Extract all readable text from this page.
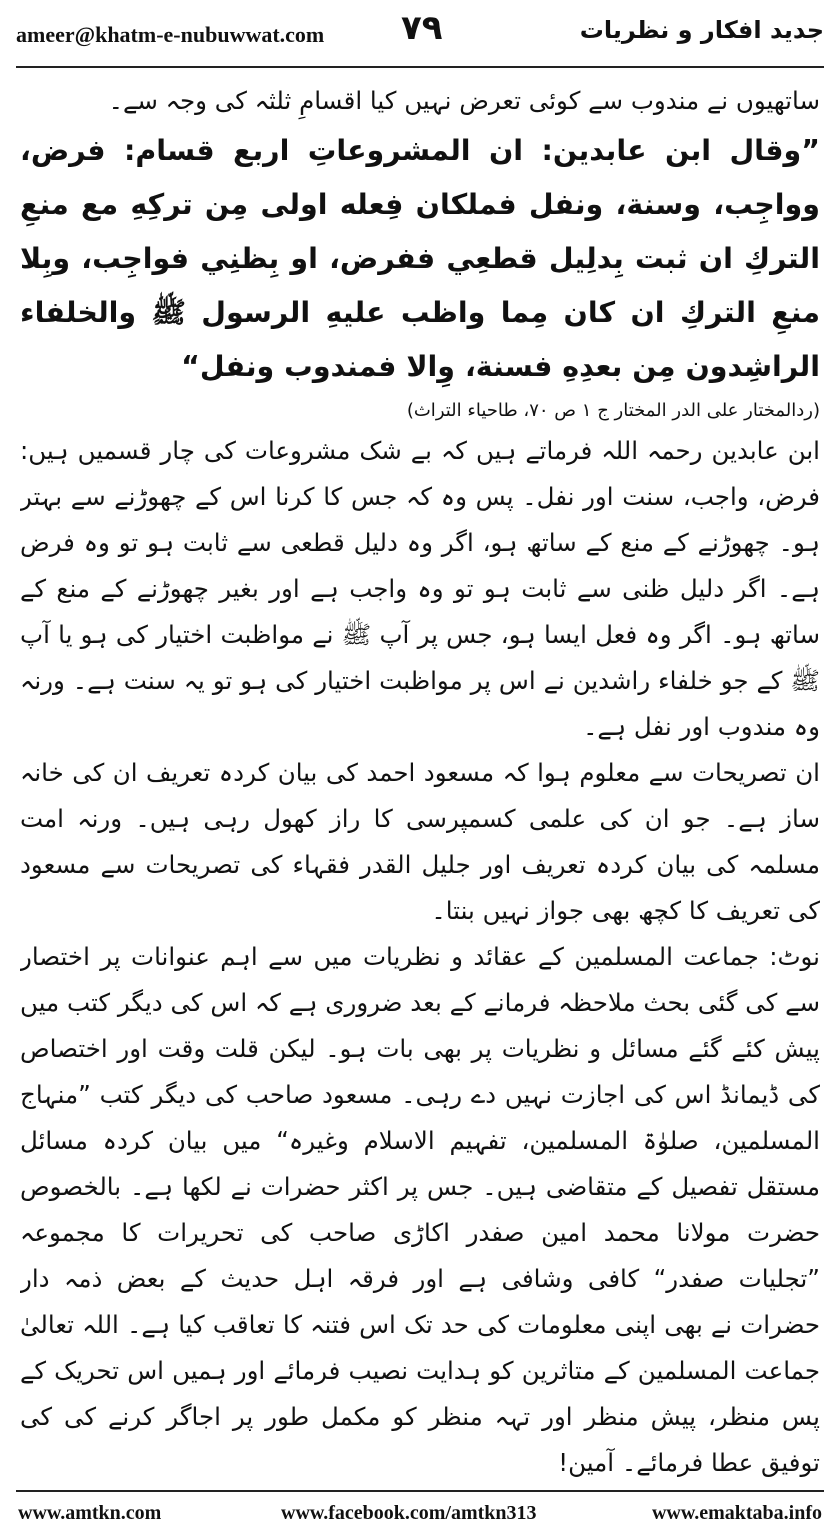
ameer@khatm-e-nubuwwat.com ۷۹	جدید افکار و نظریات

ساتھیوں نے مندوب سے کوئی تعرض نہیں کیا اقسامِ ثلثہ کی وجہ سے۔

”وقال ابن عابدين: ان المشروعاتِ اربع قسام: فرض، وواجِب، وسنة، ونفل فملكان فِعله اولى مِن تركِهِ مع منعِ التركِ ان ثبت بِدلِيل قطعِي ففرض، او بِظنِي فواجِب، وبِلا منعِ التركِ ان كان مِما واظب عليهِ الرسول ﷺ والخلفاء الراشِدون مِن بعدِهِ فسنة، وِالا فمندوب ونفل“

(ردالمختار علی الدر المختار ج ۱ ص ۷۰، طاحیاء التراث)

ابن عابدین رحمہ اللہ فرماتے ہیں کہ بے شک مشروعات کی چار قسمیں ہیں: فرض، واجب، سنت اور نفل۔ پس وہ کہ جس کا کرنا اس کے چھوڑنے سے بہتر ہو۔ چھوڑنے کے منع کے ساتھ ہو، اگر وہ دلیل قطعی سے ثابت ہو تو وہ فرض ہے۔ اگر دلیل ظنی سے ثابت ہو تو وہ واجب ہے اور بغیر چھوڑنے کے منع کے ساتھ ہو۔ اگر وہ فعل ایسا ہو، جس پر آپ ﷺ نے مواظبت اختیار کی ہو یا آپ ﷺ کے جو خلفاء راشدین نے اس پر مواظبت اختیار کی ہو تو یہ سنت ہے۔ ورنہ وہ مندوب اور نفل ہے۔

ان تصریحات سے معلوم ہوا کہ مسعود احمد کی بیان کردہ تعریف ان کی خانہ ساز ہے۔ جو ان کی علمی کسمپرسی کا راز کھول رہی ہیں۔ ورنہ امت مسلمہ کی بیان کردہ تعریف اور جلیل القدر فقہاء کی تصریحات سے مسعود کی تعریف کا کچھ بھی جواز نہیں بنتا۔

نوٹ: جماعت المسلمین کے عقائد و نظریات میں سے اہم عنوانات پر اختصار سے کی گئی بحث ملاحظہ فرمانے کے بعد ضروری ہے کہ اس کی دیگر کتب میں پیش کئے گئے مسائل و نظریات پر بھی بات ہو۔ لیکن قلت وقت اور اختصاص کی ڈیمانڈ اس کی اجازت نہیں دے رہی۔ مسعود صاحب کی دیگر کتب ”منہاج المسلمین، صلوٰۃ المسلمین، تفہیم الاسلام وغیرہ“ میں بیان کردہ مسائل مستقل تفصیل کے متقاضی ہیں۔ جس پر اکثر حضرات نے لکھا ہے۔ بالخصوص حضرت مولانا محمد امین صفدر اکاڑی صاحب کی تحریرات کا مجموعہ ”تجلیات صفدر“ کافی وشافی ہے اور فرقہ اہل حدیث کے بعض ذمہ دار حضرات نے بھی اپنی معلومات کی حد تک اس فتنہ کا تعاقب کیا ہے۔ اللہ تعالیٰ جماعت المسلمین کے متاثرین کو ہدایت نصیب فرمائے اور ہمیں اس تحریک کے پس منظر، پیش منظر اور تہہ منظر کو مکمل طور پر اجاگر کرنے کی کی توفیق عطا فرمائے۔ آمین!

www.amtkn.com	www.facebook.com/amtkn313	www.emaktaba.info
